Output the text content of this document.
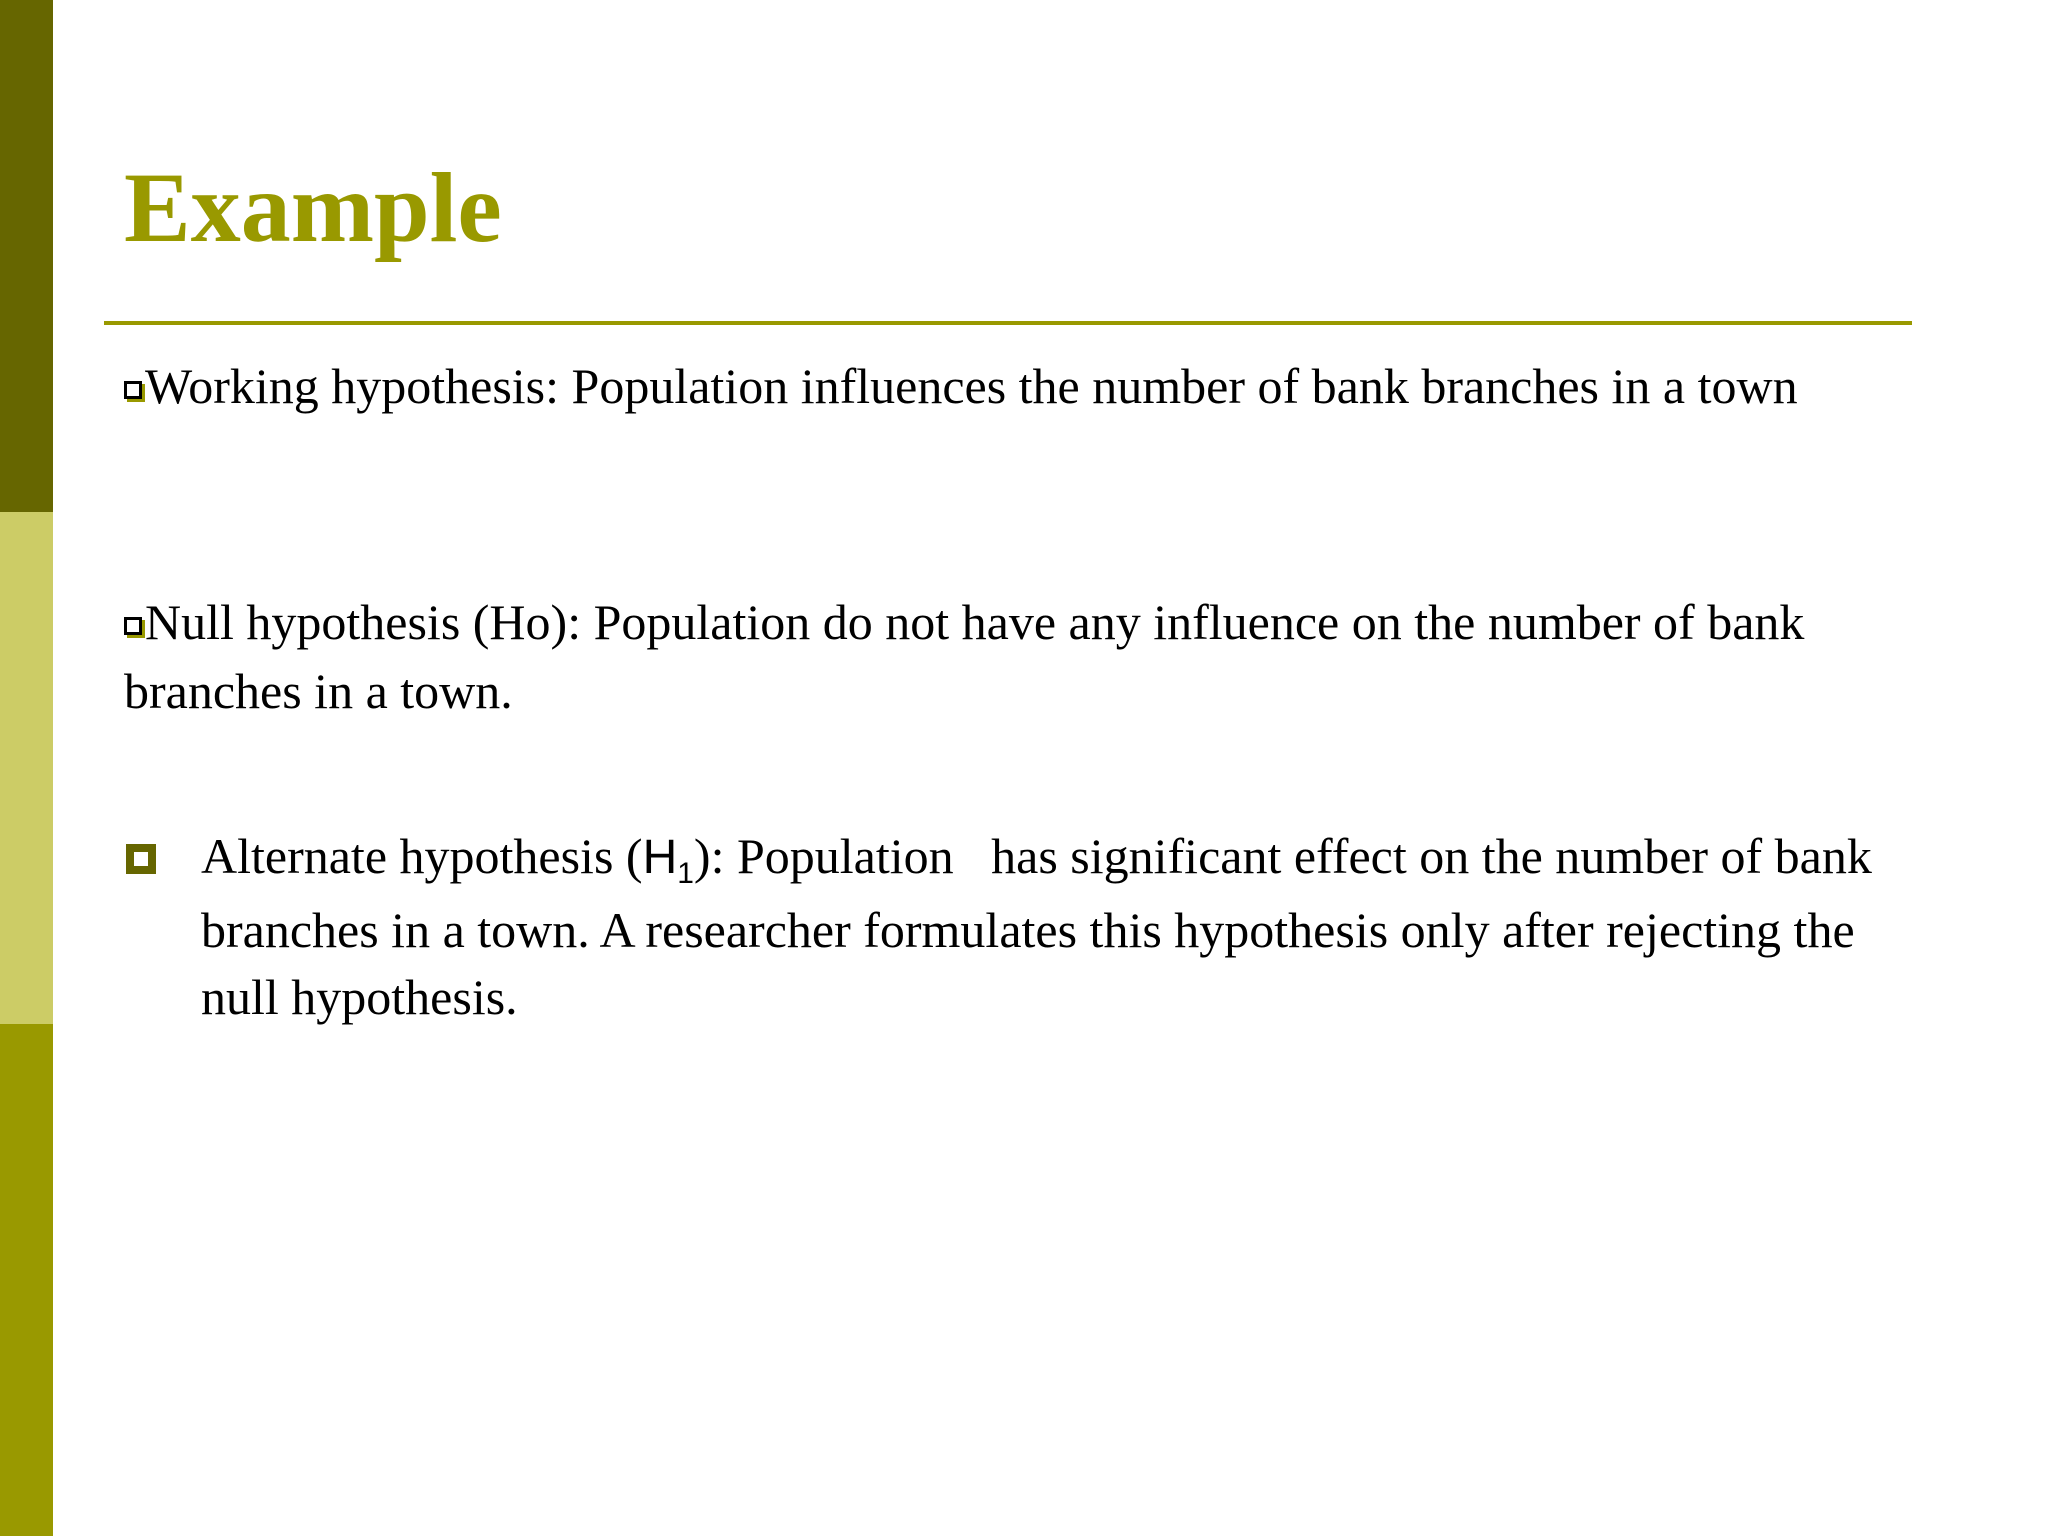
Example
Working hypothesis: Population influences the number of bank branches in a town
Null hypothesis (Ho): Population do not have any influence on the number of bank branches in a town.
Alternate hypothesis $(H_1)$: Population   has significant effect on the number of bank branches in a town. A researcher formulates this hypothesis only after rejecting the null hypothesis.
